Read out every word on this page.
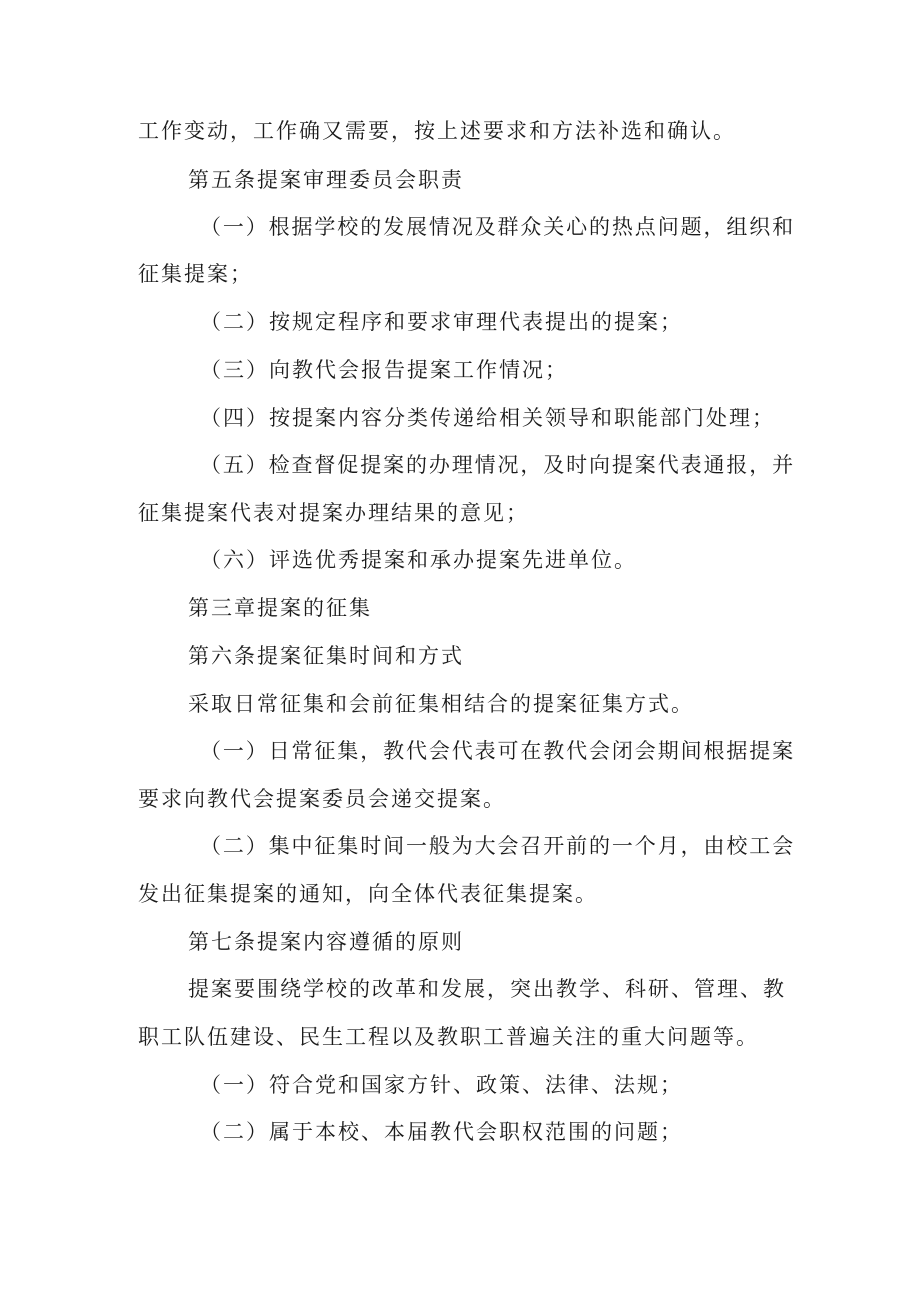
工作变动，工作确又需要，按上述要求和方法补选和确认。
第五条提案审理委员会职责
（一）根据学校的发展情况及群众关心的热点问题，组织和
征集提案；
（二）按规定程序和要求审理代表提出的提案；
（三）向教代会报告提案工作情况；
（四）按提案内容分类传递给相关领导和职能部门处理；
（五）检查督促提案的办理情况，及时向提案代表通报，并
征集提案代表对提案办理结果的意见；
（六）评选优秀提案和承办提案先进单位。
第三章提案的征集
第六条提案征集时间和方式
采取日常征集和会前征集相结合的提案征集方式。
（一）日常征集，教代会代表可在教代会闭会期间根据提案
要求向教代会提案委员会递交提案。
（二）集中征集时间一般为大会召开前的一个月，由校工会
发出征集提案的通知，向全体代表征集提案。
第七条提案内容遵循的原则
提案要围绕学校的改革和发展，突出教学、科研、管理、教
职工队伍建设、民生工程以及教职工普遍关注的重大问题等。
（一）符合党和国家方针、政策、法律、法规；
（二）属于本校、本届教代会职权范围的问题；
